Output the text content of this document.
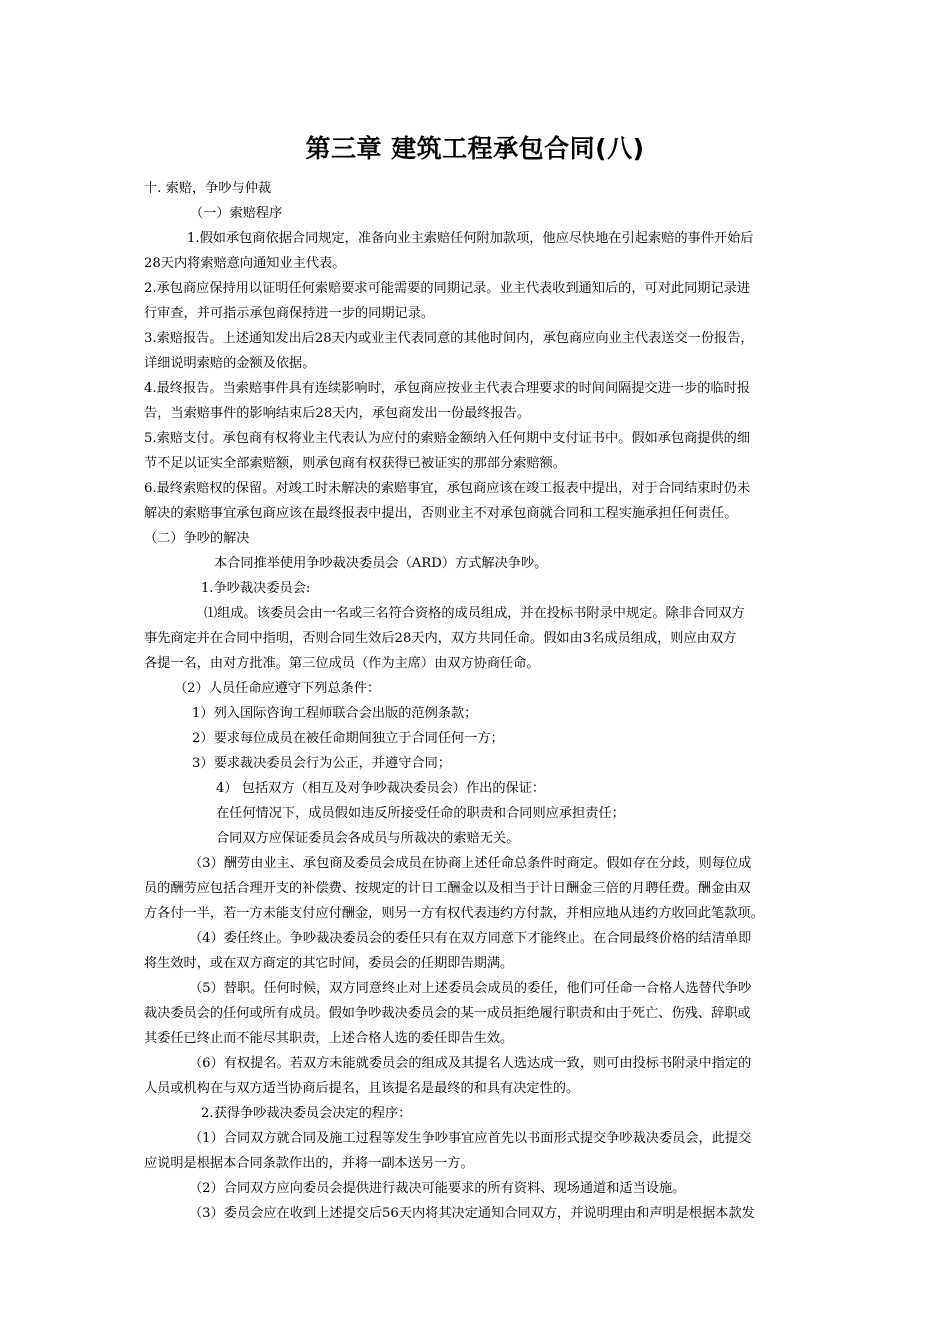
第三章 建筑工程承包合同(八)
十. 索赔，争吵与仲裁
（一）索赔程序
1.假如承包商依据合同规定，准备向业主索赔任何附加款项，他应尽快地在引起索赔的事件开始后
28天内将索赔意向通知业主代表。
2.承包商应保持用以证明任何索赔要求可能需要的同期记录。业主代表收到通知后的，可对此同期记录进
行审查，并可指示承包商保持进一步的同期记录。
3.索赔报告。上述通知发出后28天内或业主代表同意的其他时间内，承包商应向业主代表送交一份报告，
详细说明索赔的金额及依据。
4.最终报告。当索赔事件具有连续影响时，承包商应按业主代表合理要求的时间间隔提交进一步的临时报
告，当索赔事件的影响结束后28天内，承包商发出一份最终报告。
5.索赔支付。承包商有权将业主代表认为应付的索赔金额纳入任何期中支付证书中。假如承包商提供的细
节不足以证实全部索赔额，则承包商有权获得已被证实的那部分索赔额。
6.最终索赔权的保留。对竣工时未解决的索赔事宜，承包商应该在竣工报表中提出，对于合同结束时仍未
解决的索赔事宜承包商应该在最终报表中提出，否则业主不对承包商就合同和工程实施承担任何责任。
（二）争吵的解决
本合同推举使用争吵裁决委员会（ARD）方式解决争吵。
1.争吵裁决委员会:
⑴组成。该委员会由一名或三名符合资格的成员组成，并在投标书附录中规定。除非合同双方
事先商定并在合同中指明，否则合同生效后28天内，双方共同任命。假如由3名成员组成，则应由双方
各提一名，由对方批准。第三位成员（作为主席）由双方协商任命。
（2）人员任命应遵守下列总条件：
1）列入国际咨询工程师联合会出版的范例条款；
2）要求每位成员在被任命期间独立于合同任何一方；
3）要求裁决委员会行为公正，并遵守合同；
4） 包括双方（相互及对争吵裁决委员会）作出的保证：
在任何情况下，成员假如违反所接受任命的职责和合同则应承担责任；
合同双方应保证委员会各成员与所裁决的索赔无关。
（3）酬劳由业主、承包商及委员会成员在协商上述任命总条件时商定。假如存在分歧，则每位成
员的酬劳应包括合理开支的补偿费、按规定的计日工酬金以及相当于计日酬金三倍的月聘任费。酬金由双
方各付一半，若一方未能支付应付酬金，则另一方有权代表违约方付款，并相应地从违约方收回此笔款项。
（4）委任终止。争吵裁决委员会的委任只有在双方同意下才能终止。在合同最终价格的结清单即
将生效时，或在双方商定的其它时间，委员会的任期即告期满。
（5）替职。任何时候，双方同意终止对上述委员会成员的委任，他们可任命一合格人选替代争吵
裁决委员会的任何或所有成员。假如争吵裁决委员会的某一成员拒绝履行职责和由于死亡、伤残、辞职或
其委任已终止而不能尽其职责，上述合格人选的委任即告生效。
（6）有权提名。若双方未能就委员会的组成及其提名人选达成一致，则可由投标书附录中指定的
人员或机构在与双方适当协商后提名，且该提名是最终的和具有决定性的。
2.获得争吵裁决委员会决定的程序：
（1）合同双方就合同及施工过程等发生争吵事宜应首先以书面形式提交争吵裁决委员会，此提交
应说明是根据本合同条款作出的，并将一副本送另一方。
（2）合同双方应向委员会提供进行裁决可能要求的所有资料、现场通道和适当设施。
（3）委员会应在收到上述提交后56天内将其决定通知合同双方，并说明理由和声明是根据本款发
